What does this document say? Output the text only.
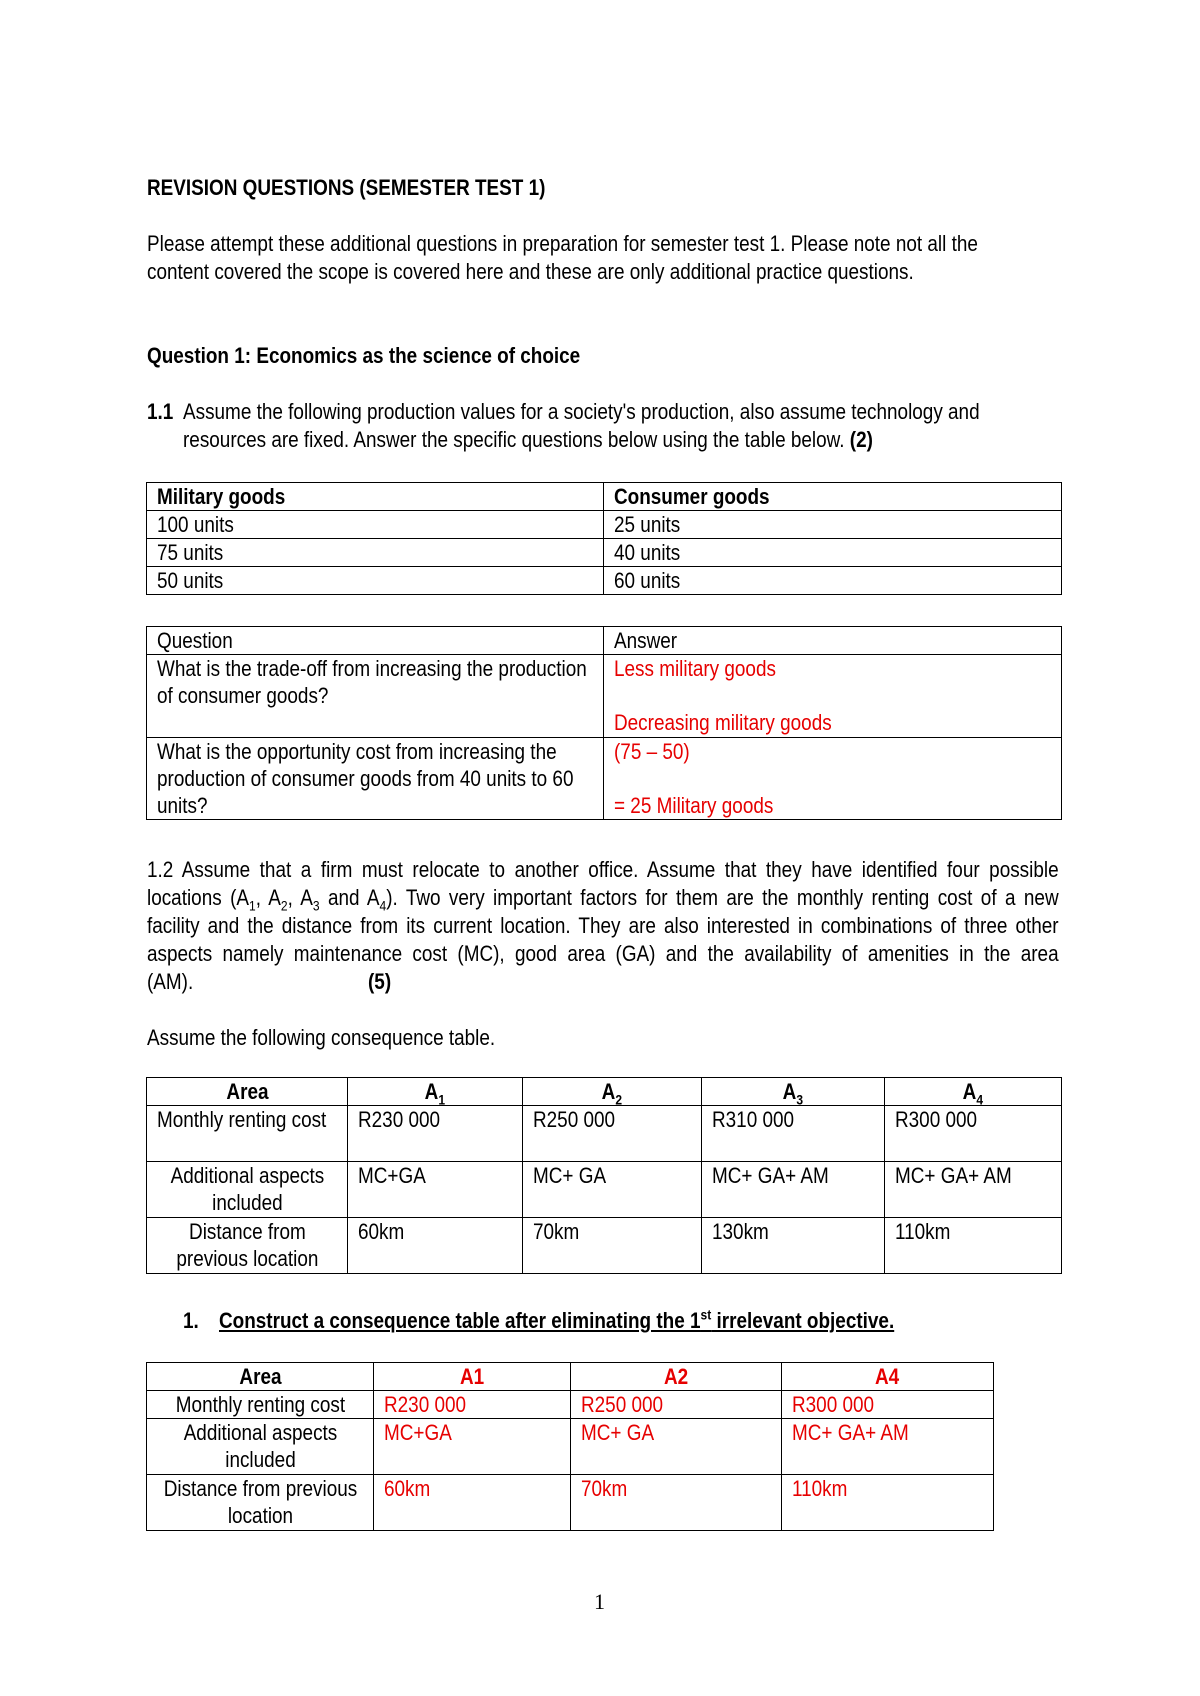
REVISION QUESTIONS (SEMESTER TEST 1)
Please attempt these additional questions in preparation for semester test 1. Please note not all the
content covered the scope is covered here and these are only additional practice questions.
Question 1: Economics as the science of choice
1.1 Assume the following production values for a society's production, also assume technology and
resources are fixed. Answer the specific questions below using the table below. (2)
Military goods	Consumer goods
100 units	25 units
75 units	40 units
50 units	60 units
Question	Answer

What is the trade-off from increasing the production of consumer goods?	Less military goods
Decreasing military goods

What is the opportunity cost from increasing the production of consumer goods from 40 units to 60 units?	(75 – 50)
= 25 Military goods
1.2 Assume that a firm must relocate to another office. Assume that they have identified four possible
locations ($A_1$, $A_2$, $A_3$ and $A_4$). Two very important factors for them are the monthly renting cost of a new
facility and the distance from its current location. They are also interested in combinations of three other
aspects namely maintenance cost (MC), good area (GA) and the availability of amenities in the area
(AM).	(5)
Assume the following consequence table.
Area	$A_1$	$A_2$	$A_3$	$A_4$

Monthly renting cost	R230 000	R250 000	R310 000	R300 000

Additional aspects included	MC+GA	MC+ GA	MC+ GA+ AM	MC+ GA+ AM

Distance from previous location	60km	70km	130km	110km
1. Construct a consequence table after eliminating the 1st irrelevant objective.
Area	A1	A2	A4
Monthly renting cost	R230 000	R250 000	R300 000

Additional aspects included	MC+GA	MC+ GA	MC+ GA+ AM

Distance from previous location	60km	70km	110km
1
